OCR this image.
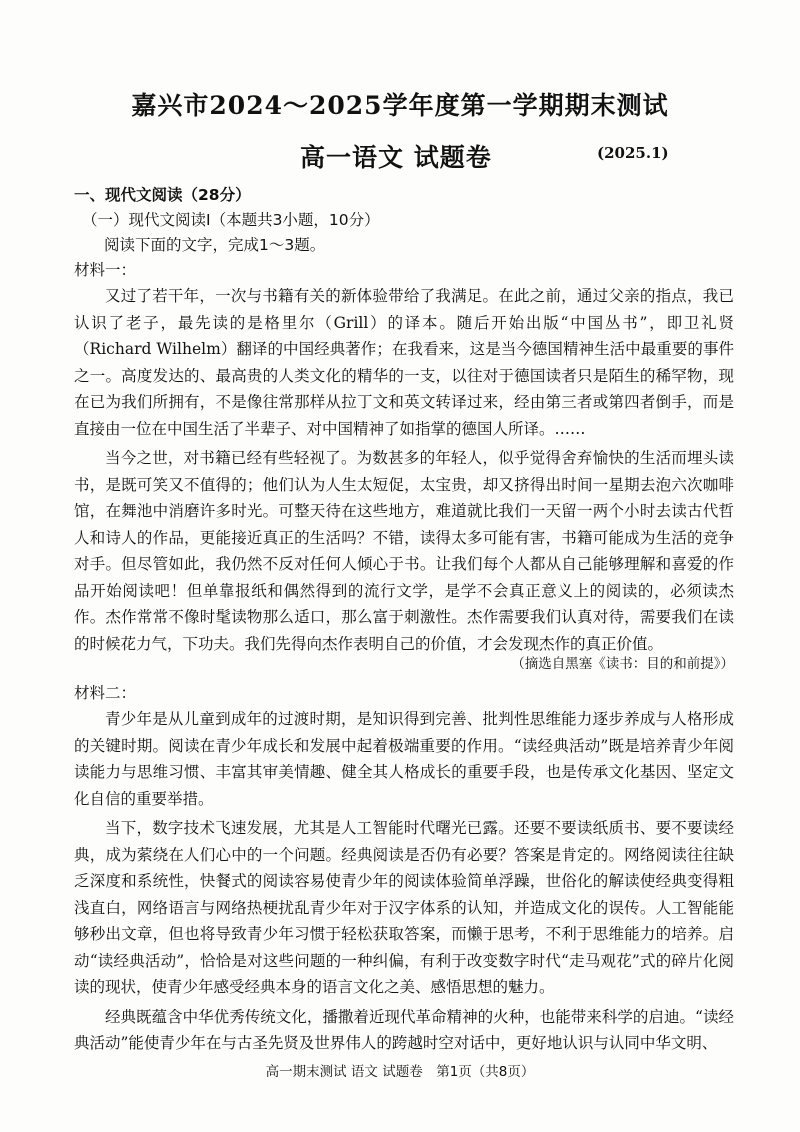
嘉兴市2024～2025学年度第一学期期末测试
高一语文 试题卷	(2025.1)
一、现代文阅读（28分）
（一）现代文阅读Ⅰ（本题共3小题，10分）
阅读下面的文字，完成1～3题。
材料一：

又过了若干年，一次与书籍有关的新体验带给了我满足。在此之前，通过父亲的指点，我已认识了老子，最先读的是格里尔（Grill）的译本。随后开始出版“中国丛书”，即卫礼贤（Richard Wilhelm）翻译的中国经典著作；在我看来，这是当今德国精神生活中最重要的事件之一。高度发达的、最高贵的人类文化的精华的一支，以往对于德国读者只是陌生的稀罕物，现在已为我们所拥有，不是像往常那样从拉丁文和英文转译过来，经由第三者或第四者倒手，而是直接由一位在中国生活了半辈子、对中国精神了如指掌的德国人所译。……

当今之世，对书籍已经有些轻视了。为数甚多的年轻人，似乎觉得舍弃愉快的生活而埋头读书，是既可笑又不值得的；他们认为人生太短促，太宝贵，却又挤得出时间一星期去泡六次咖啡馆，在舞池中消磨许多时光。可整天待在这些地方，难道就比我们一天留一两个小时去读古代哲人和诗人的作品，更能接近真正的生活吗？不错，读得太多可能有害，书籍可能成为生活的竞争对手。但尽管如此，我仍然不反对任何人倾心于书。让我们每个人都从自己能够理解和喜爱的作品开始阅读吧！但单靠报纸和偶然得到的流行文学，是学不会真正意义上的阅读的，必须读杰作。杰作常常不像时髦读物那么适口，那么富于刺激性。杰作需要我们认真对待，需要我们在读的时候花力气，下功夫。我们先得向杰作表明自己的价值，才会发现杰作的真正价值。

（摘选自黑塞《读书：目的和前提》）
材料二：

青少年是从儿童到成年的过渡时期，是知识得到完善、批判性思维能力逐步养成与人格形成的关键时期。阅读在青少年成长和发展中起着极端重要的作用。“读经典活动”既是培养青少年阅读能力与思维习惯、丰富其审美情趣、健全其人格成长的重要手段，也是传承文化基因、坚定文化自信的重要举措。

当下，数字技术飞速发展，尤其是人工智能时代曙光已露。还要不要读纸质书、要不要读经典，成为萦绕在人们心中的一个问题。经典阅读是否仍有必要？答案是肯定的。网络阅读往往缺乏深度和系统性，快餐式的阅读容易使青少年的阅读体验简单浮躁，世俗化的解读使经典变得粗浅直白，网络语言与网络热梗扰乱青少年对于汉字体系的认知，并造成文化的误传。人工智能能够秒出文章，但也将导致青少年习惯于轻松获取答案，而懒于思考，不利于思维能力的培养。启动“读经典活动”，恰恰是对这些问题的一种纠偏，有利于改变数字时代“走马观花”式的碎片化阅读的现状，使青少年感受经典本身的语言文化之美、感悟思想的魅力。

经典既蕴含中华优秀传统文化，播撒着近现代革命精神的火种，也能带来科学的启迪。“读经典活动”能使青少年在与古圣先贤及世界伟人的跨越时空对话中，更好地认识与认同中华文明、

高一期末测试 语文 试题卷　第1页（共8页）
